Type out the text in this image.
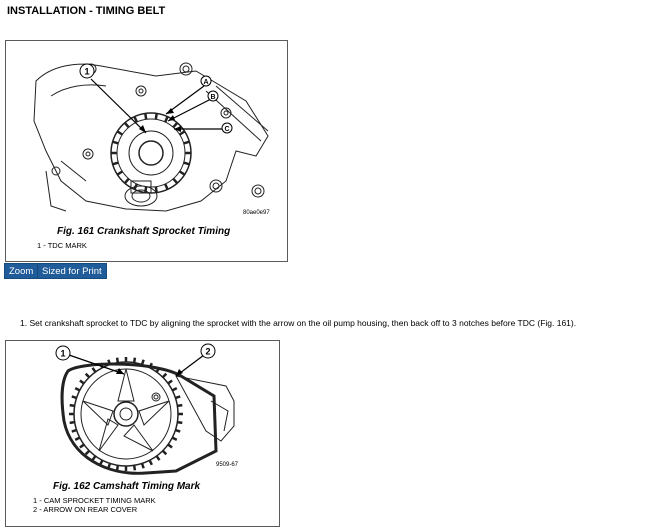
INSTALLATION - TIMING BELT
1
A
B
C
80ae0e97
Fig. 161 Crankshaft Sprocket Timing
1 - TDC MARK
Zoom Sized for Print
1. Set crankshaft sprocket to TDC by aligning the sprocket with the arrow on the oil pump housing, then back off to 3 notches before TDC (Fig. 161).
1	2
9509-67
Fig. 162 Camshaft Timing Mark
1 - CAM SPROCKET TIMING MARK
2 - ARROW ON REAR COVER
